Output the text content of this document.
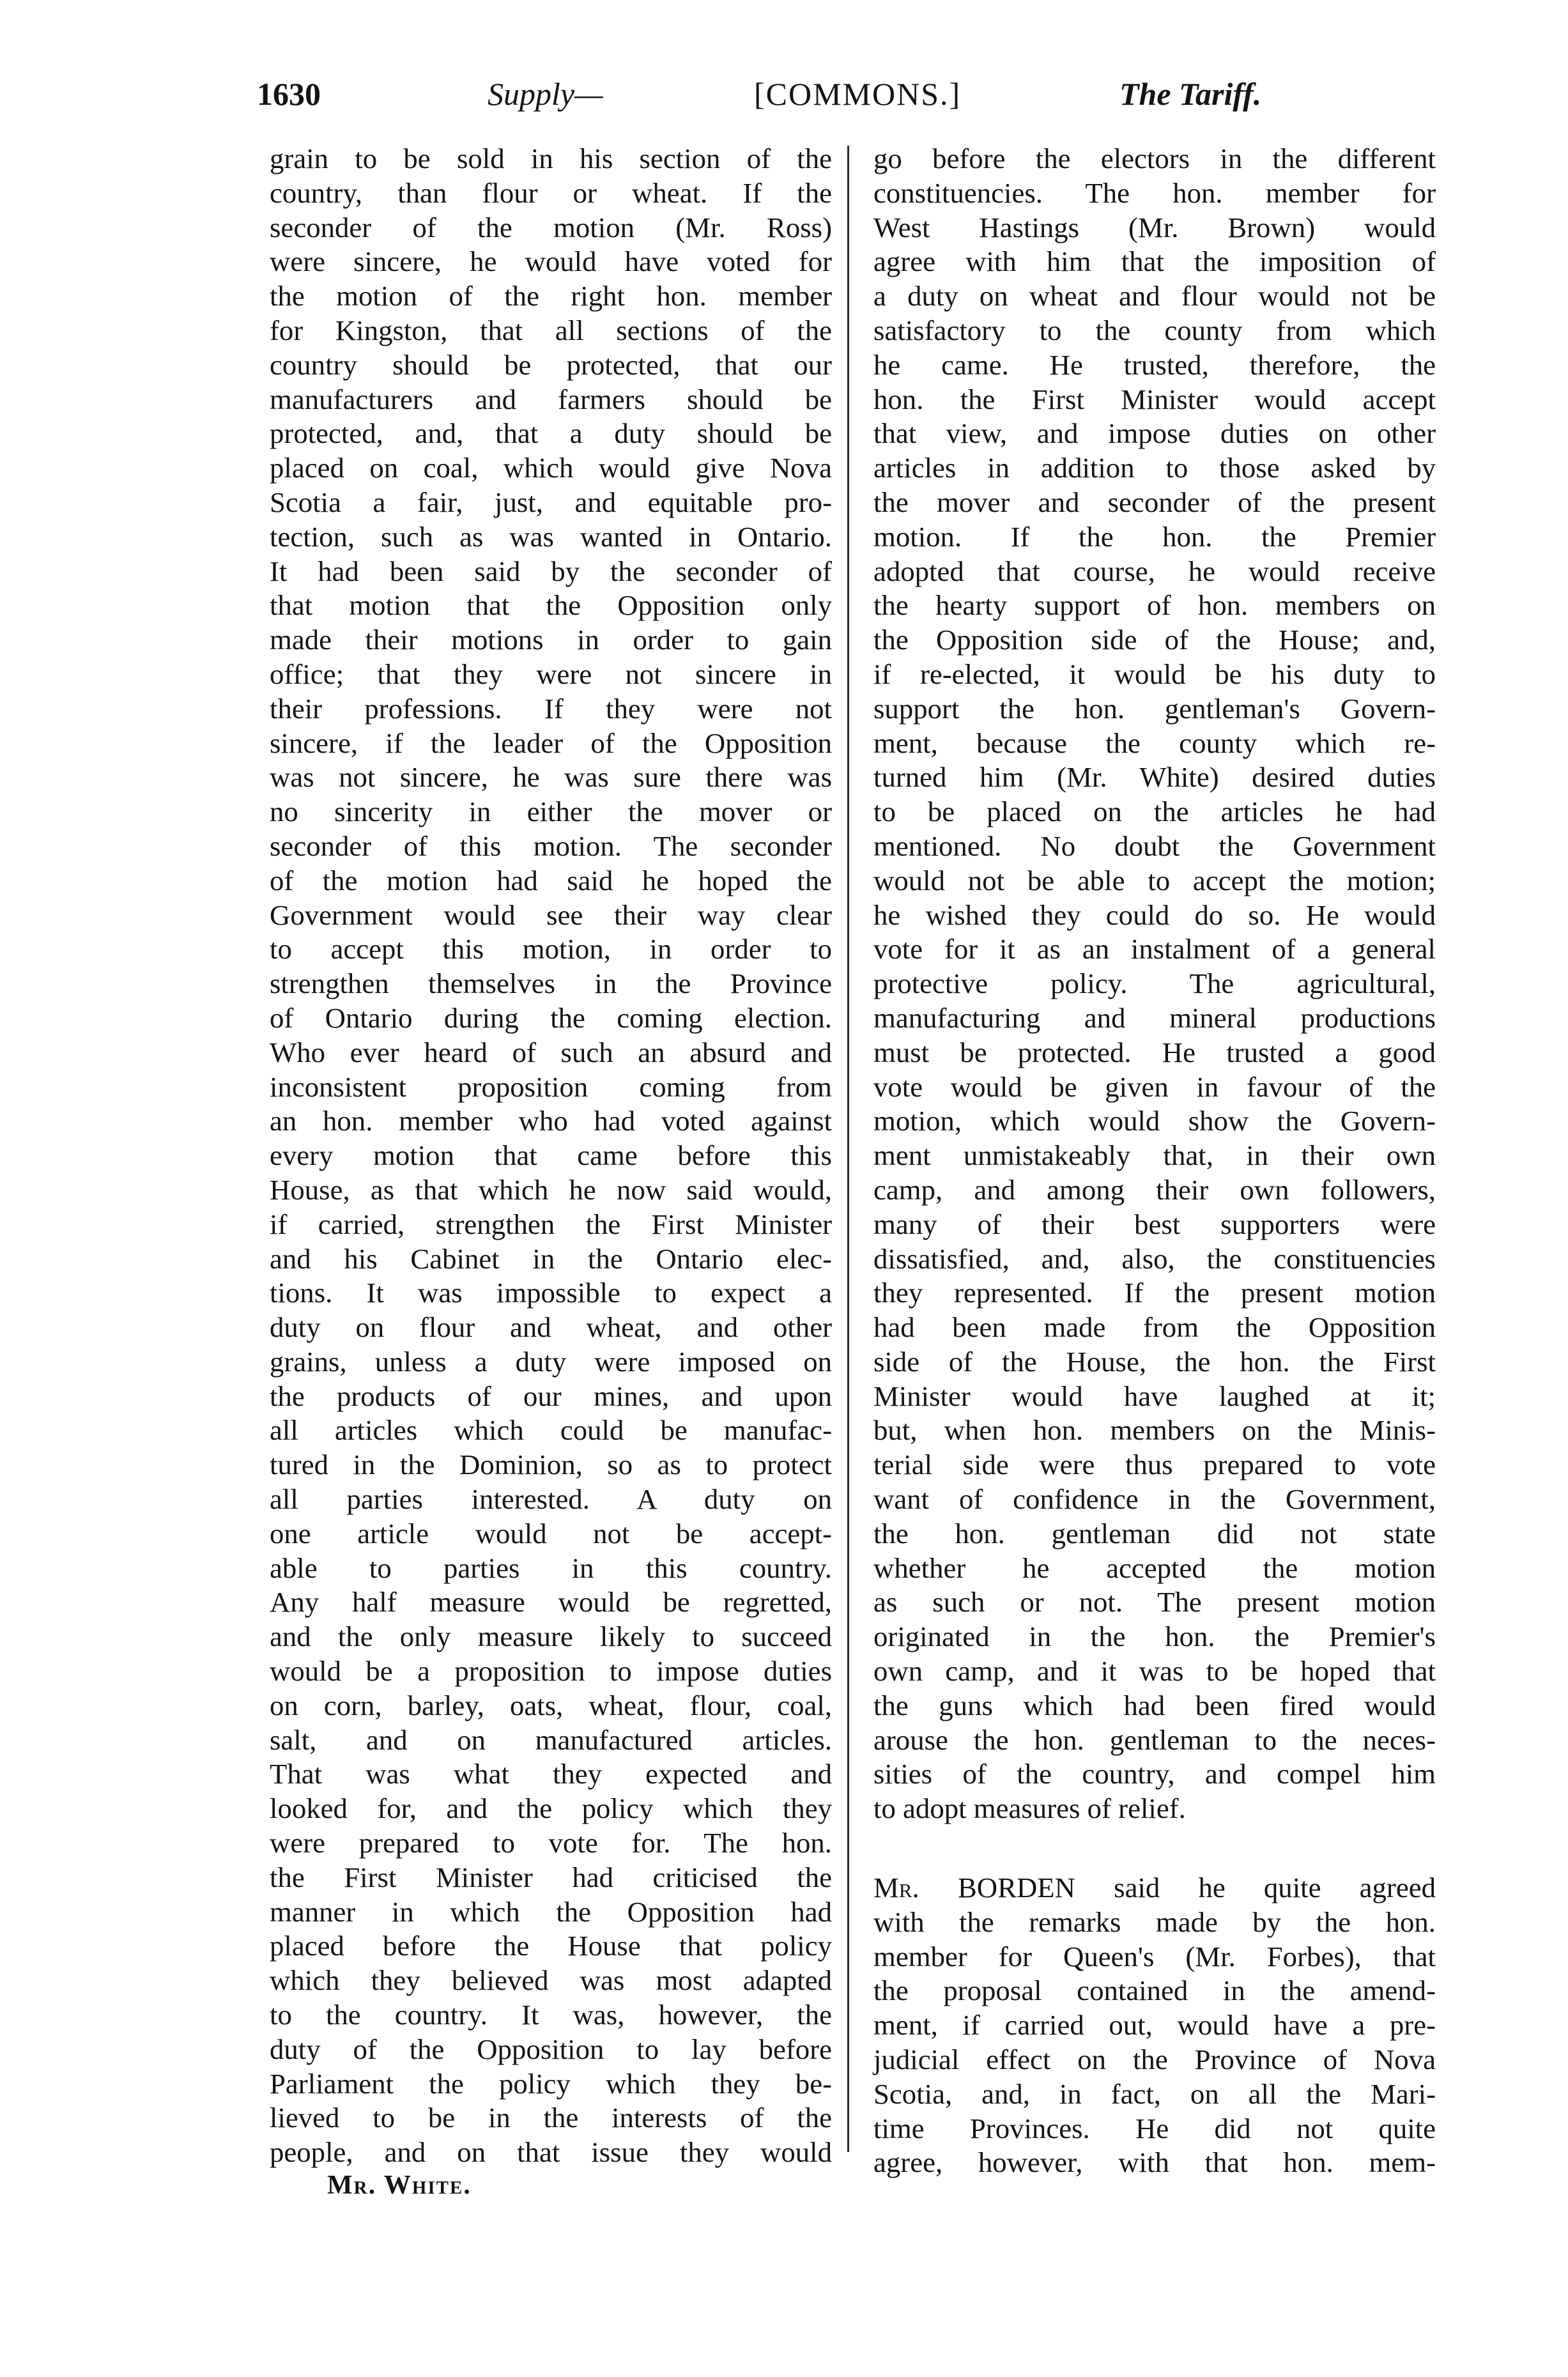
1630	Supply—	[COMMONS.]	The Tariff.
grain to be sold in his section of the
country, than flour or wheat. If the
seconder of the motion (Mr. Ross)
were sincere, he would have voted for
the motion of the right hon. member
for Kingston, that all sections of the
country should be protected, that our
manufacturers and farmers should be
protected, and, that a duty should be
placed on coal, which would give Nova
Scotia a fair, just, and equitable pro-
tection, such as was wanted in Ontario.
It had been said by the seconder of
that motion that the Opposition only
made their motions in order to gain
office; that they were not sincere in
their professions. If they were not
sincere, if the leader of the Opposition
was not sincere, he was sure there was
no sincerity in either the mover or
seconder of this motion. The seconder
of the motion had said he hoped the
Government would see their way clear
to accept this motion, in order to
strengthen themselves in the Province
of Ontario during the coming election.
Who ever heard of such an absurd and
inconsistent proposition coming from
an hon. member who had voted against
every motion that came before this
House, as that which he now said would,
if carried, strengthen the First Minister
and his Cabinet in the Ontario elec-
tions. It was impossible to expect a
duty on flour and wheat, and other
grains, unless a duty were imposed on
the products of our mines, and upon
all articles which could be manufac-
tured in the Dominion, so as to protect
all parties interested. A duty on
one article would not be accept-
able to parties in this country.
Any half measure would be regretted,
and the only measure likely to succeed
would be a proposition to impose duties
on corn, barley, oats, wheat, flour, coal,
salt, and on manufactured articles.
That was what they expected and
looked for, and the policy which they
were prepared to vote for. The hon.
the First Minister had criticised the
manner in which the Opposition had
placed before the House that policy
which they believed was most adapted
to the country. It was, however, the
duty of the Opposition to lay before
Parliament the policy which they be-
lieved to be in the interests of the
people, and on that issue they would
go before the electors in the different
constituencies. The hon. member for
West Hastings (Mr. Brown) would
agree with him that the imposition of
a duty on wheat and flour would not be
satisfactory to the county from which
he came. He trusted, therefore, the
hon. the First Minister would accept
that view, and impose duties on other
articles in addition to those asked by
the mover and seconder of the present
motion. If the hon. the Premier
adopted that course, he would receive
the hearty support of hon. members on
the Opposition side of the House; and,
if re-elected, it would be his duty to
support the hon. gentleman's Govern-
ment, because the county which re-
turned him (Mr. White) desired duties
to be placed on the articles he had
mentioned. No doubt the Government
would not be able to accept the motion;
he wished they could do so. He would
vote for it as an instalment of a general
protective policy. The agricultural,
manufacturing and mineral productions
must be protected. He trusted a good
vote would be given in favour of the
motion, which would show the Govern-
ment unmistakeably that, in their own
camp, and among their own followers,
many of their best supporters were
dissatisfied, and, also, the constituencies
they represented. If the present motion
had been made from the Opposition
side of the House, the hon. the First
Minister would have laughed at it;
but, when hon. members on the Minis-
terial side were thus prepared to vote
want of confidence in the Government,
the hon. gentleman did not state
whether he accepted the motion
as such or not. The present motion
originated in the hon. the Premier's
own camp, and it was to be hoped that
the guns which had been fired would
arouse the hon. gentleman to the neces-
sities of the country, and compel him
to adopt measures of relief.
Mr. BORDEN said he quite agreed
with the remarks made by the hon.
member for Queen's (Mr. Forbes), that
the proposal contained in the amend-
ment, if carried out, would have a pre-
judicial effect on the Province of Nova
Scotia, and, in fact, on all the Mari-
time Provinces. He did not quite
agree, however, with that hon. mem-
Mr. White.
